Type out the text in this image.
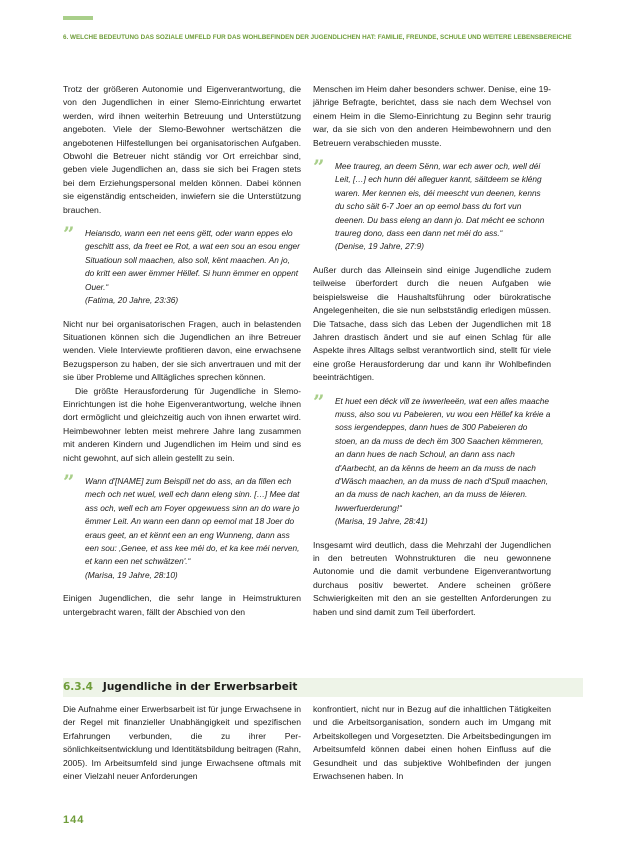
6. WELCHE BEDEUTUNG DAS SOZIALE UMFELD FÜR DAS WOHLBEFINDEN DER JUGENDLICHEN HAT: FAMILIE, FREUNDE, SCHULE UND WEITERE LEBENSBEREICHE

Trotz der größeren Autonomie und Eigenverantwortung, die von den Jugendlichen in einer Slemo-Einrichtung erwartet werden, wird ihnen weiterhin Betreuung und Unterstützung angeboten. Viele der Slemo-Bewohner wertschätzen die angebotenen Hilfestellungen bei organisatorischen Aufgaben. Obwohl die Betreuer nicht ständig vor Ort erreichbar sind, geben viele Jugendlichen an, dass sie sich bei Fragen stets bei dem Erziehungspersonal melden können. Dabei können sie eigenständig entscheiden, inwiefern sie die Unterstützung brauchen.

” Heiansdo, wann een net eens gëtt, oder wann eppes elo geschitt ass, da freet ee Rot, a wat een sou an esou enger Situatioun soll maachen, also soll, kënt maachen. An jo, do kritt een awer ëmmer Hëllef. Si hunn ëmmer en oppent Ouer.“
(Fatima, 20 Jahre, 23:36)

Nicht nur bei organisatorischen Fragen, auch in belastenden Situationen können sich die Jugendlichen an ihre Betreuer wenden. Viele Interviewte profitieren davon, eine erwachsene Bezugsperson zu haben, der sie sich anvertrauen und mit der sie über Probleme und Alltägliches sprechen können.

Die größte Herausforderung für Jugendliche in Slemo-Einrichtungen ist die hohe Eigenverantwortung, welche ihnen dort ermöglicht und gleichzeitig auch von ihnen erwartet wird. Heimbewohner lebten meist mehrere Jahre lang zusammen mit anderen Kindern und Jugendlichen im Heim und sind es nicht gewohnt, auf sich allein gestellt zu sein.

” Wann d'[NAME] zum Beispill net do ass, an da fillen ech mech och net wuel, well ech dann eleng sinn. […] Mee dat ass och, well ech am Foyer opgewuess sinn an do ware jo ëmmer Leit. An wann een dann op eemol mat 18 Joer do eraus geet, an et kënnt een an eng Wunneng, dann ass een sou: ‚Genee, et ass kee méi do, et ka kee méi nerven, et kann een net schwätzen'.“
(Marisa, 19 Jahre, 28:10)

Einigen Jugendlichen, die sehr lange in Heimstrukturen untergebracht waren, fällt der Abschied von den

Menschen im Heim daher besonders schwer. Denise, eine 19-jährige Befragte, berichtet, dass sie nach dem Wechsel von einem Heim in die Slemo-Einrichtung zu Beginn sehr traurig war, da sie sich von den anderen Heimbewohnern und den Betreuern verabschieden musste.

” Mee traureg, an deem Sënn, war ech awer och, well déi Leit, […] ech hunn déi alleguer kannt, säitdeem se kléng waren. Mer kennen eis, déi meescht vun deenen, kenns du scho säit 6-7 Joer an op eemol bass du fort vun deenen. Du bass eleng an dann jo. Dat mécht ee schonn traureg dono, dass een dann net méi do ass.“
(Denise, 19 Jahre, 27:9)

Außer durch das Alleinsein sind einige Jugendliche zudem teilweise überfordert durch die neuen Aufgaben wie beispielsweise die Haushaltsführung oder bürokratische Angelegenheiten, die sie nun selbstständig erledigen müssen. Die Tatsache, dass sich das Leben der Jugendlichen mit 18 Jahren drastisch ändert und sie auf einen Schlag für alle Aspekte ihres Alltags selbst verantwortlich sind, stellt für viele eine große Herausforderung dar und kann ihr Wohlbefinden beeinträchtigen.

” Et huet een déck vill ze iwwerleeën, wat een alles maache muss, also sou vu Pabeieren, vu wou een Hëllef ka kréie a soss iergendeppes, dann hues de 300 Pabeieren do stoen, an da muss de dech ëm 300 Saachen këmmeren, an dann hues de nach Schoul, an dann ass nach d'Aarbecht, an da kënns de heem an da muss de nach d'Wäsch maachen, an da muss de nach d'Spull maachen, an da muss de nach kachen, an da muss de léieren. Iwwerfuerderung!“
(Marisa, 19 Jahre, 28:41)

Insgesamt wird deutlich, dass die Mehrzahl der Jugendlichen in den betreuten Wohnstrukturen die neu gewonnene Autonomie und die damit verbundene Eigenverantwortung durchaus positiv bewertet. Andere scheinen größere Schwierigkeiten mit den an sie gestellten Anforderungen zu haben und sind damit zum Teil überfordert.

6.3.4 Jugendliche in der Erwerbsarbeit

Die Aufnahme einer Erwerbsarbeit ist für junge Erwachsene in der Regel mit finanzieller Unabhängigkeit und spezifischen Erfahrungen verbunden, die zu ihrer Persönlichkeitsentwicklung und Identitätsbildung beitragen (Rahn, 2005). Im Arbeitsumfeld sind junge Erwachsene oftmals mit einer Vielzahl neuer Anforderungen

konfrontiert, nicht nur in Bezug auf die inhaltlichen Tätigkeiten und die Arbeitsorganisation, sondern auch im Umgang mit Arbeitskollegen und Vorgesetzten. Die Arbeitsbedingungen im Arbeitsumfeld können dabei einen hohen Einfluss auf die Gesundheit und das subjektive Wohlbefinden der jungen Erwachsenen haben. In

144
